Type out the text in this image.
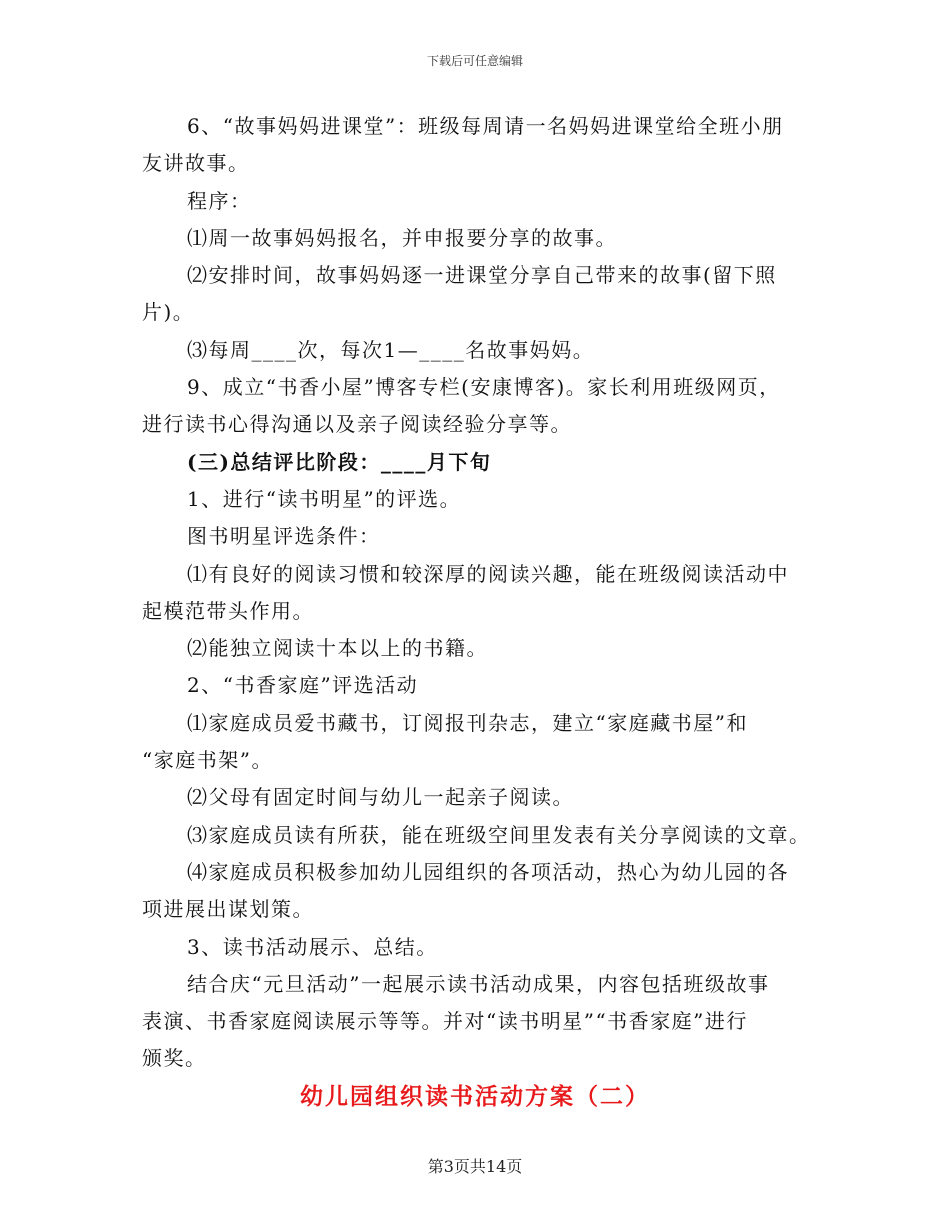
下载后可任意编辑
6、“故事妈妈进课堂”：班级每周请一名妈妈进课堂给全班小朋
友讲故事。
程序：
⑴周一故事妈妈报名，并申报要分享的故事。
⑵安排时间，故事妈妈逐一进课堂分享自己带来的故事(留下照
片)。
⑶每周____次，每次1—____名故事妈妈。
9、成立“书香小屋”博客专栏(安康博客)。家长利用班级网页，
进行读书心得沟通以及亲子阅读经验分享等。
(三)总结评比阶段：____月下旬
1、进行“读书明星”的评选。
图书明星评选条件：
⑴有良好的阅读习惯和较深厚的阅读兴趣，能在班级阅读活动中
起模范带头作用。
⑵能独立阅读十本以上的书籍。
2、“书香家庭”评选活动
⑴家庭成员爱书藏书，订阅报刊杂志，建立“家庭藏书屋”和
“家庭书架”。
⑵父母有固定时间与幼儿一起亲子阅读。
⑶家庭成员读有所获，能在班级空间里发表有关分享阅读的文章。
⑷家庭成员积极参加幼儿园组织的各项活动，热心为幼儿园的各
项进展出谋划策。
3、读书活动展示、总结。
结合庆“元旦活动”一起展示读书活动成果，内容包括班级故事
表演、书香家庭阅读展示等等。并对“读书明星”“书香家庭”进行
颁奖。
幼儿园组织读书活动方案（二）
第3页共14页
